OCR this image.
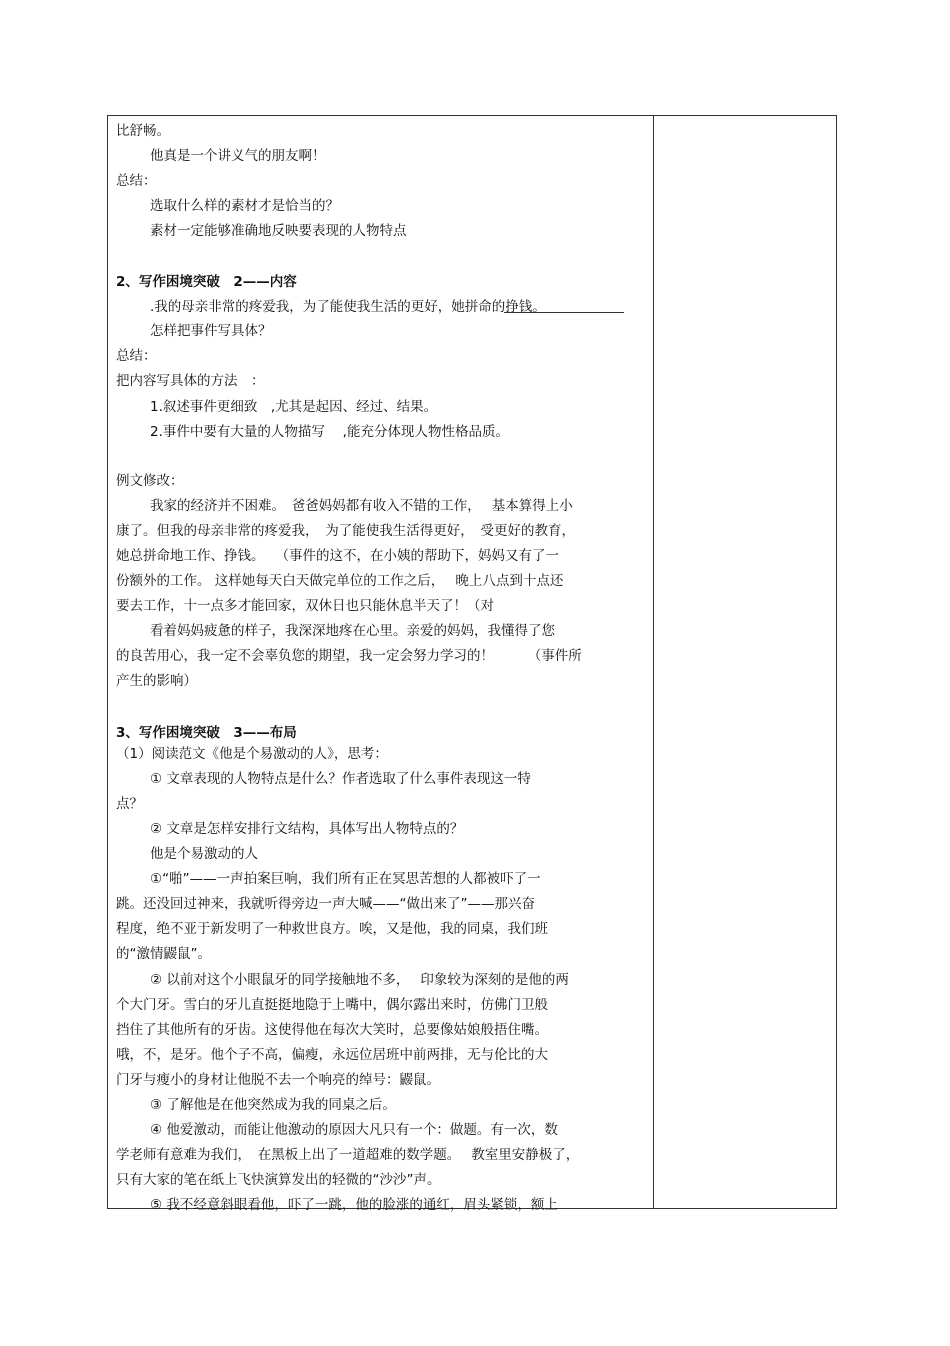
比舒畅。
他真是一个讲义气的朋友啊！
总结：
选取什么样的素材才是恰当的？
素材一定能够准确地反映要表现的人物特点
2、写作困境突破　2——内容
.我的母亲非常的疼爱我，为了能使我生活的更好，她拼命的挣钱。
怎样把事件写具体？
总结：
把内容写具体的方法　：
1.叙述事件更细致　,尤其是起因、经过、结果。
2.事件中要有大量的人物描写　 ,能充分体现人物性格品质。
例文修改：
我家的经济并不困难。　爸爸妈妈都有收入不错的工作，　 基本算得上小
康了。但我的母亲非常的疼爱我，　为了能使我生活得更好，　受更好的教育，
她总拼命地工作、挣钱。　 （事件的这不，在小姨的帮助下，妈妈又有了一
份额外的工作。 这样她每天白天做完单位的工作之后，　 晚上八点到十点还
要去工作，十一点多才能回家，双休日也只能休息半天了！（对
看着妈妈疲惫的样子，我深深地疼在心里。亲爱的妈妈，我懂得了您
的良苦用心，我一定不会辜负您的期望，我一定会努力学习的！　　　（事件所
产生的影响）
3、写作困境突破　3——布局
（1）阅读范文《他是个易激动的人》，思考：
① 文章表现的人物特点是什么？作者选取了什么事件表现这一特
点？
② 文章是怎样安排行文结构，具体写出人物特点的？
他是个易激动的人
①“啪”——一声拍案巨响，我们所有正在冥思苦想的人都被吓了一
跳。还没回过神来，我就听得旁边一声大喊——“做出来了”——那兴奋
程度，绝不亚于新发明了一种救世良方。唉，又是他，我的同桌，我们班
的“激情鼹鼠”。
② 以前对这个小眼鼠牙的同学接触地不多，　 印象较为深刻的是他的两
个大门牙。雪白的牙儿直挺挺地隐于上嘴中，偶尔露出来时，仿佛门卫般
挡住了其他所有的牙齿。这使得他在每次大笑时，总要像姑娘般捂住嘴。
哦，不，是牙。他个子不高，偏瘦，永远位居班中前两排，无与伦比的大
门牙与瘦小的身材让他脱不去一个响亮的绰号：鼹鼠。
③ 了解他是在他突然成为我的同桌之后。
④ 他爱激动，而能让他激动的原因大凡只有一个：做题。有一次，数
学老师有意难为我们，　在黑板上出了一道超难的数学题。　 教室里安静极了，
只有大家的笔在纸上飞快演算发出的轻微的“沙沙”声。
⑤ 我不经意斜眼看他，吓了一跳，他的脸涨的通红，眉头紧锁，额上
